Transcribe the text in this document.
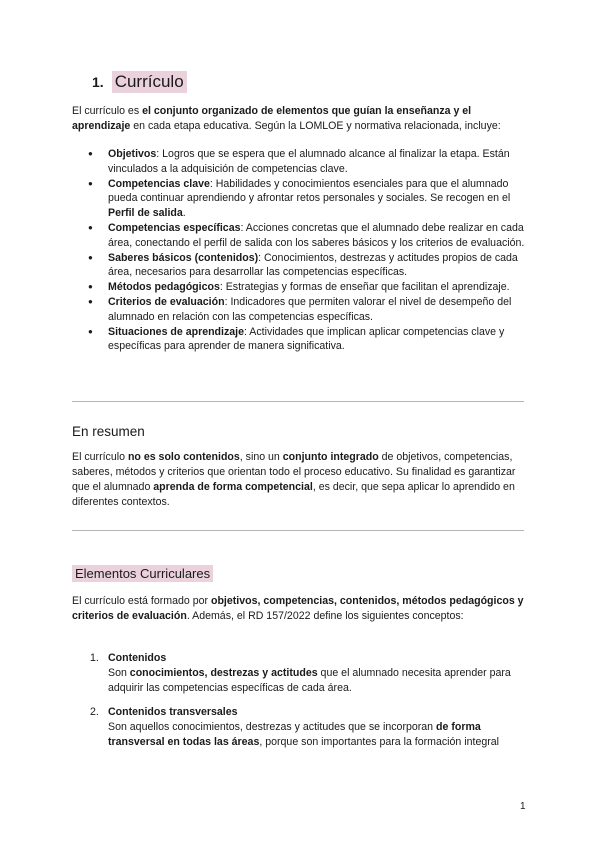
1. Currículo

El currículo es el conjunto organizado de elementos que guían la enseñanza y el aprendizaje en cada etapa educativa. Según la LOMLOE y normativa relacionada, incluye:

● Objetivos: Logros que se espera que el alumnado alcance al finalizar la etapa. Están vinculados a la adquisición de competencias clave.
● Competencias clave: Habilidades y conocimientos esenciales para que el alumnado pueda continuar aprendiendo y afrontar retos personales y sociales. Se recogen en el Perfil de salida.
● Competencias específicas: Acciones concretas que el alumnado debe realizar en cada área, conectando el perfil de salida con los saberes básicos y los criterios de evaluación.
● Saberes básicos (contenidos): Conocimientos, destrezas y actitudes propios de cada área, necesarios para desarrollar las competencias específicas.
● Métodos pedagógicos: Estrategias y formas de enseñar que facilitan el aprendizaje.
● Criterios de evaluación: Indicadores que permiten valorar el nivel de desempeño del alumnado en relación con las competencias específicas.
● Situaciones de aprendizaje: Actividades que implican aplicar competencias clave y específicas para aprender de manera significativa.
En resumen

El currículo no es solo contenidos, sino un conjunto integrado de objetivos, competencias, saberes, métodos y criterios que orientan todo el proceso educativo. Su finalidad es garantizar que el alumnado aprenda de forma competencial, es decir, que sepa aplicar lo aprendido en diferentes contextos.

Elementos Curriculares

El currículo está formado por objetivos, competencias, contenidos, métodos pedagógicos y criterios de evaluación. Además, el RD 157/2022 define los siguientes conceptos:

1. Contenidos
Son conocimientos, destrezas y actitudes que el alumnado necesita aprender para adquirir las competencias específicas de cada área.
2. Contenidos transversales
Son aquellos conocimientos, destrezas y actitudes que se incorporan de forma transversal en todas las áreas, porque son importantes para la formación integral
1
